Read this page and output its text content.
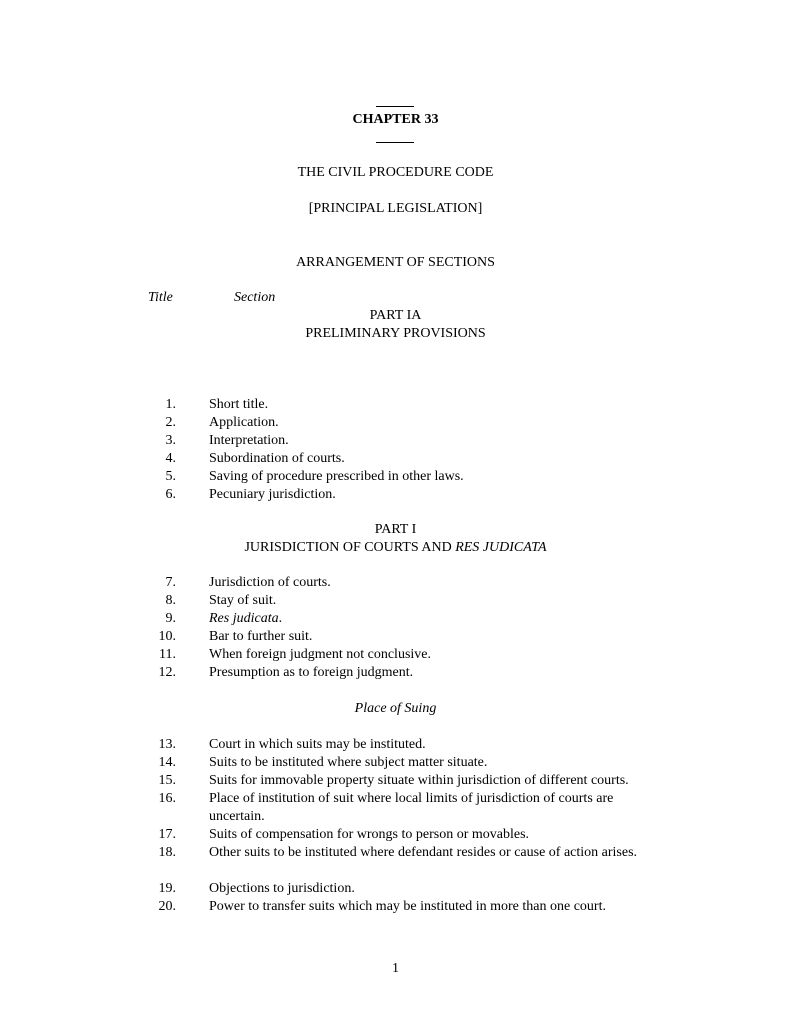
CHAPTER 33
THE CIVIL PROCEDURE CODE
[PRINCIPAL LEGISLATION]
ARRANGEMENT OF SECTIONS
Title	Section
PART IA
PRELIMINARY PROVISIONS
1. Short title.
2. Application.
3. Interpretation.
4. Subordination of courts.
5. Saving of procedure prescribed in other laws.
6. Pecuniary jurisdiction.
PART I
JURISDICTION OF COURTS AND RES JUDICATA
7. Jurisdiction of courts.
8. Stay of suit.
9. Res judicata.
10. Bar to further suit.
11. When foreign judgment not conclusive.
12. Presumption as to foreign judgment.
Place of Suing
13. Court in which suits may be instituted.
14. Suits to be instituted where subject matter situate.
15. Suits for immovable property situate within jurisdiction of different courts.
16. Place of institution of suit where local limits of jurisdiction of courts are uncertain.
17. Suits of compensation for wrongs to person or movables.
18. Other suits to be instituted where defendant resides or cause of action arises.
19. Objections to jurisdiction.
20. Power to transfer suits which may be instituted in more than one court.
1
